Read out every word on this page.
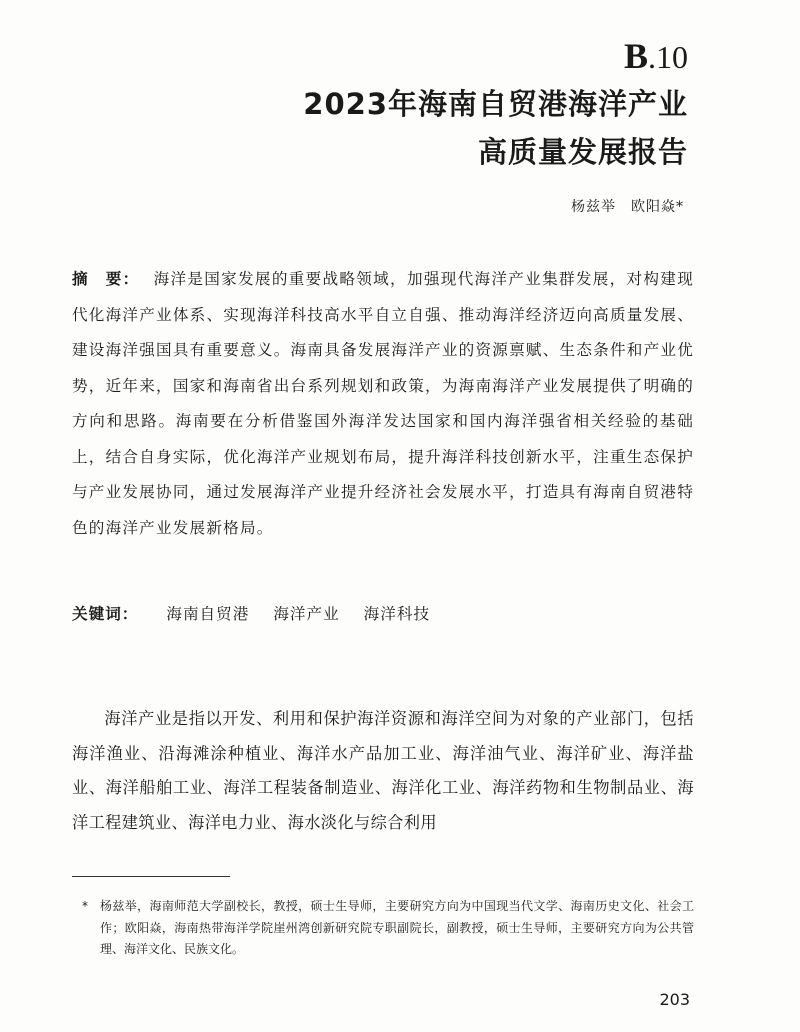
B.10
2023年海南自贸港海洋产业
高质量发展报告
杨兹举　欧阳焱*

摘　要： 海洋是国家发展的重要战略领域，加强现代海洋产业集群发展，对构建现代化海洋产业体系、实现海洋科技高水平自立自强、推动海洋经济迈向高质量发展、建设海洋强国具有重要意义。海南具备发展海洋产业的资源禀赋、生态条件和产业优势，近年来，国家和海南省出台系列规划和政策，为海南海洋产业发展提供了明确的方向和思路。海南要在分析借鉴国外海洋发达国家和国内海洋强省相关经验的基础上，结合自身实际，优化海洋产业规划布局，提升海洋科技创新水平，注重生态保护与产业发展协同，通过发展海洋产业提升经济社会发展水平，打造具有海南自贸港特色的海洋产业发展新格局。

关键词： 海南自贸港 海洋产业 海洋科技

海洋产业是指以开发、利用和保护海洋资源和海洋空间为对象的产业部门，包括海洋渔业、沿海滩涂种植业、海洋水产品加工业、海洋油气业、海洋矿业、海洋盐业、海洋船舶工业、海洋工程装备制造业、海洋化工业、海洋药物和生物制品业、海洋工程建筑业、海洋电力业、海水淡化与综合利用

* 杨兹举，海南师范大学副校长，教授，硕士生导师，主要研究方向为中国现当代文学、海南历史文化、社会工作；欧阳焱，海南热带海洋学院崖州湾创新研究院专职副院长，副教授，硕士生导师，主要研究方向为公共管理、海洋文化、民族文化。

203
